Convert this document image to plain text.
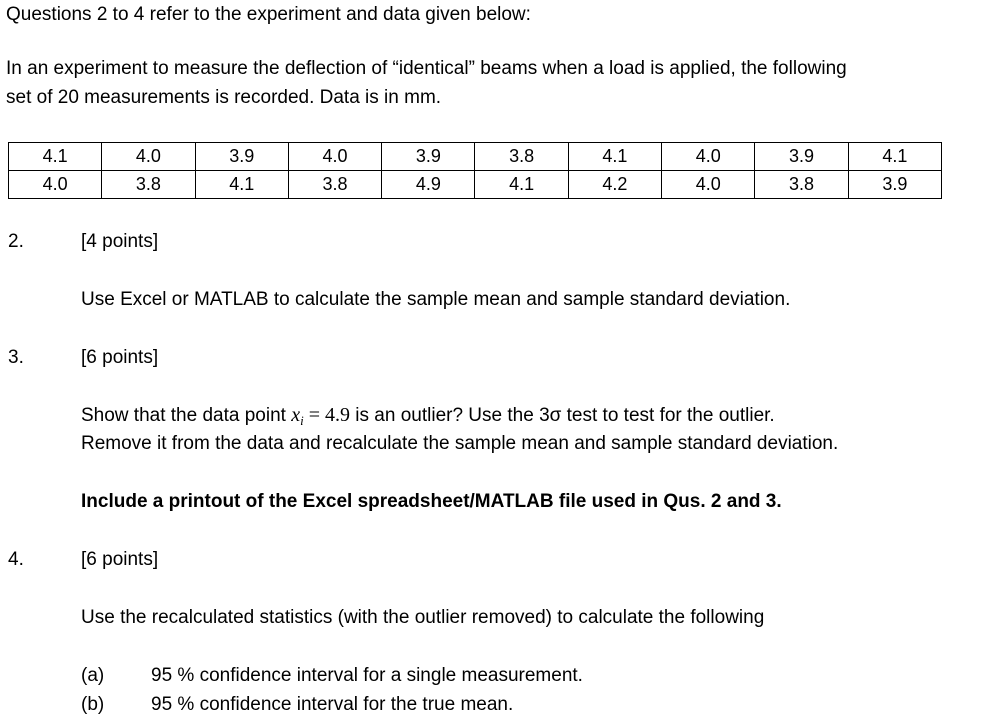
Questions 2 to 4 refer to the experiment and data given below:
In an experiment to measure the deflection of “identical” beams when a load is applied, the following
set of 20 measurements is recorded. Data is in mm.
4.1	4.0	3.9	4.0	3.9	3.8	4.1	4.0	3.9	4.1
4.0	3.8	4.1	3.8	4.9	4.1	4.2	4.0	3.8	3.9
2.	[4 points]
Use Excel or MATLAB to calculate the sample mean and sample standard deviation.
3.	[6 points]
Show that the data point $x_i = 4.9$ is an outlier? Use the 3σ test to test for the outlier.
Remove it from the data and recalculate the sample mean and sample standard deviation.
Include a printout of the Excel spreadsheet/MATLAB file used in Qus. 2 and 3.
4.	[6 points]
Use the recalculated statistics (with the outlier removed) to calculate the following
(a) 95 % confidence interval for a single measurement.
(b) 95 % confidence interval for the true mean.
